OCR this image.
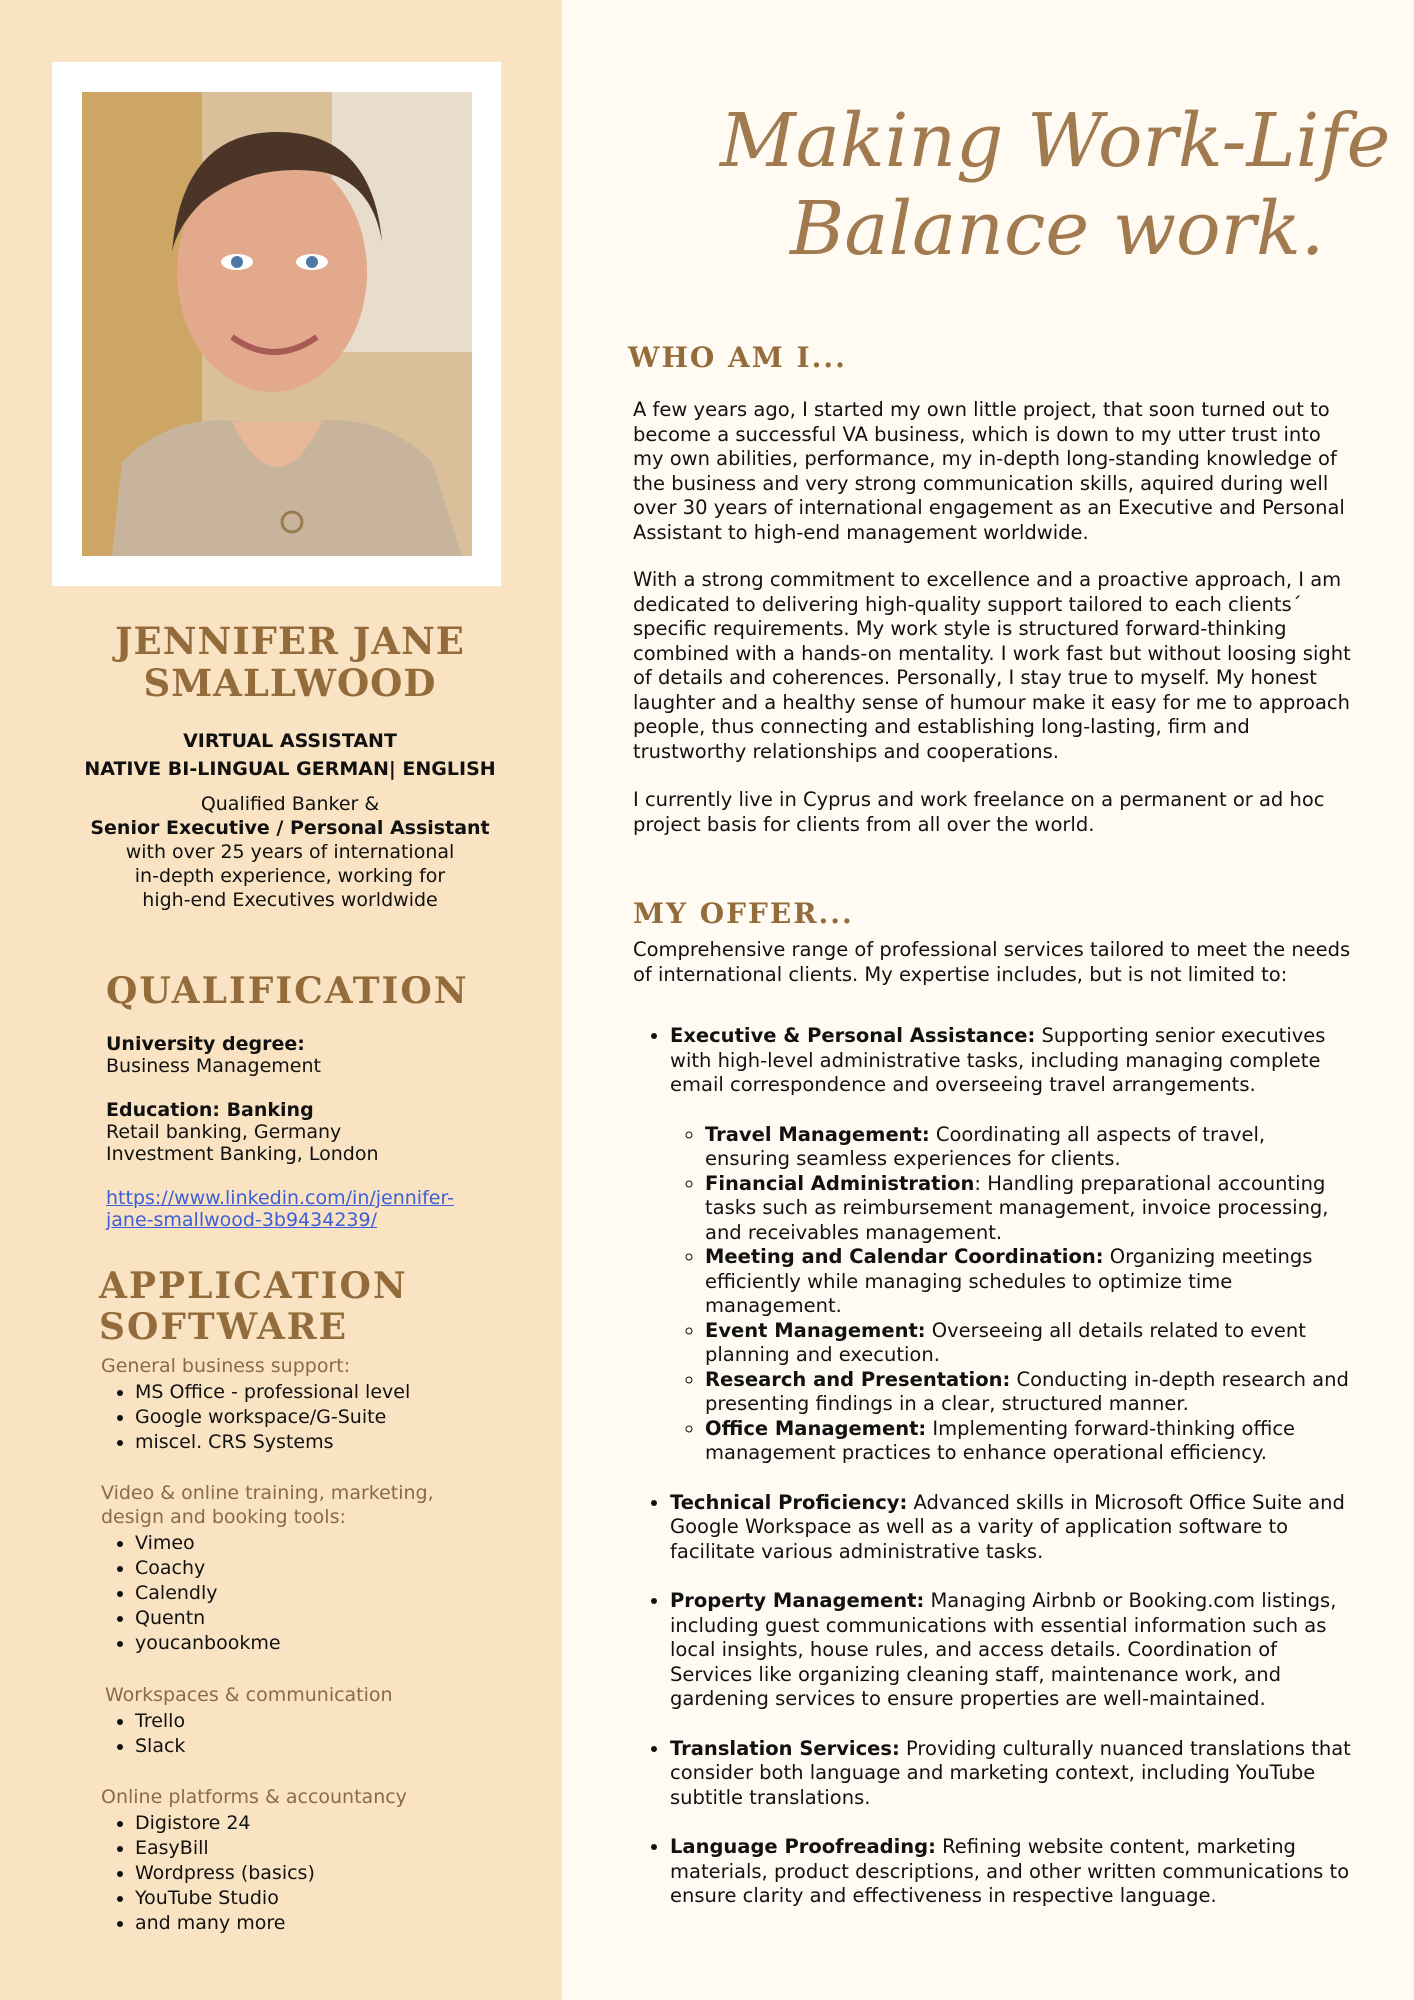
JENNIFER JANE
SMALLWOOD
VIRTUAL ASSISTANT
NATIVE BI-LINGUAL GERMAN| ENGLISH
Qualified Banker &
Senior Executive / Personal Assistant
with over 25 years of international
in-depth experience, working for
high-end Executives worldwide
QUALIFICATION
University degree:
Business Management
Education: Banking
Retail banking, Germany
Investment Banking, London
https://www.linkedin.com/in/jennifer-
jane-smallwood-3b9434239/
APPLICATION
SOFTWARE
General business support:
• MS Office - professional level
• Google workspace/G-Suite
• miscel. CRS Systems
Video & online training, marketing,
design and booking tools:
• Vimeo
• Coachy
• Calendly
• Quentn
• youcanbookme
Workspaces & communication
• Trello
• Slack
Online platforms & accountancy
• Digistore 24
• EasyBill
• Wordpress (basics)
• YouTube Studio
• and many more
Making Work-Life
Balance work.
WHO AM I...
A few years ago, I started my own little project, that soon turned out to become a successful VA business, which is down to my utter trust into my own abilities, performance, my in-depth long-standing knowledge of the business and very strong communication skills, aquired during well over 30 years of international engagement as an Executive and Personal Assistant to high-end management worldwide.
With a strong commitment to excellence and a proactive approach, I am dedicated to delivering high-quality support tailored to each clients´ specific requirements. My work style is structured forward-thinking combined with a hands-on mentality. I work fast but without loosing sight of details and coherences. Personally, I stay true to myself. My honest laughter and a healthy sense of humour make it easy for me to approach people, thus connecting and establishing long-lasting, firm and trustworthy relationships and cooperations.
I currently live in Cyprus and work freelance on a permanent or ad hoc project basis for clients from all over the world.
MY OFFER...
Comprehensive range of professional services tailored to meet the needs of international clients. My expertise includes, but is not limited to:
• Executive & Personal Assistance: Supporting senior executives with high-level administrative tasks, including managing complete email correspondence and overseeing travel arrangements.
◦ Travel Management: Coordinating all aspects of travel, ensuring seamless experiences for clients.
◦ Financial Administration: Handling preparational accounting tasks such as reimbursement management, invoice processing, and receivables management.
◦ Meeting and Calendar Coordination: Organizing meetings efficiently while managing schedules to optimize time management.
◦ Event Management: Overseeing all details related to event planning and execution.
◦ Research and Presentation: Conducting in-depth research and presenting findings in a clear, structured manner.
◦ Office Management: Implementing forward-thinking office management practices to enhance operational efficiency.
• Technical Proficiency: Advanced skills in Microsoft Office Suite and Google Workspace as well as a varity of application software to facilitate various administrative tasks.
• Property Management: Managing Airbnb or Booking.com listings, including guest communications with essential information such as local insights, house rules, and access details. Coordination of Services like organizing cleaning staff, maintenance work, and gardening services to ensure properties are well-maintained.
• Translation Services: Providing culturally nuanced translations that consider both language and marketing context, including YouTube subtitle translations.
• Language Proofreading: Refining website content, marketing materials, product descriptions, and other written communications to ensure clarity and effectiveness in respective language.
